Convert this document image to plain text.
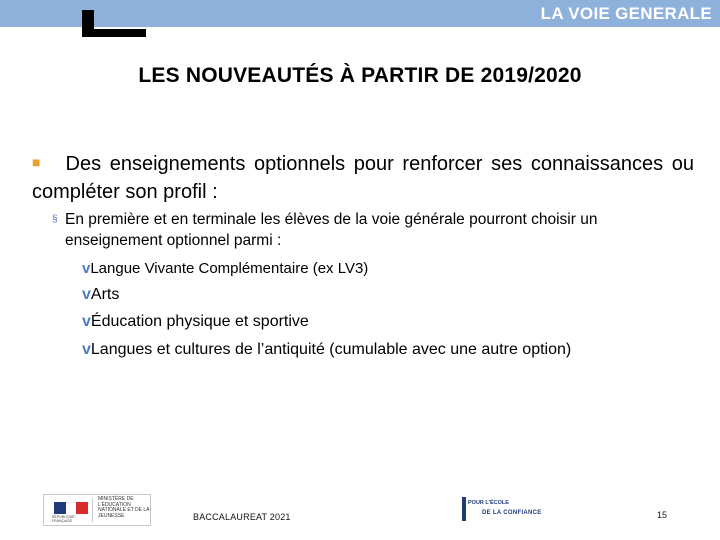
LA VOIE GENERALE
LES NOUVEAUTÉS À PARTIR DE 2019/2020
■ Des enseignements optionnels pour renforcer ses connaissances ou compléter son profil :
§ En première et en terminale les élèves de la voie générale pourront choisir un enseignement optionnel parmi :
vLangue Vivante Complémentaire (ex LV3)
vArts
vÉducation physique et sportive
vLangues et cultures de l’antiquité (cumulable avec une autre option)
RÉPUBLIQUE FRANÇAISE
MINISTÈRE DE L’ÉDUCATION NATIONALE ET DE LA JEUNESSE	BACCALAUREAT 2021
POUR L’ÉCOLE
DE LA CONFIANCE	15
